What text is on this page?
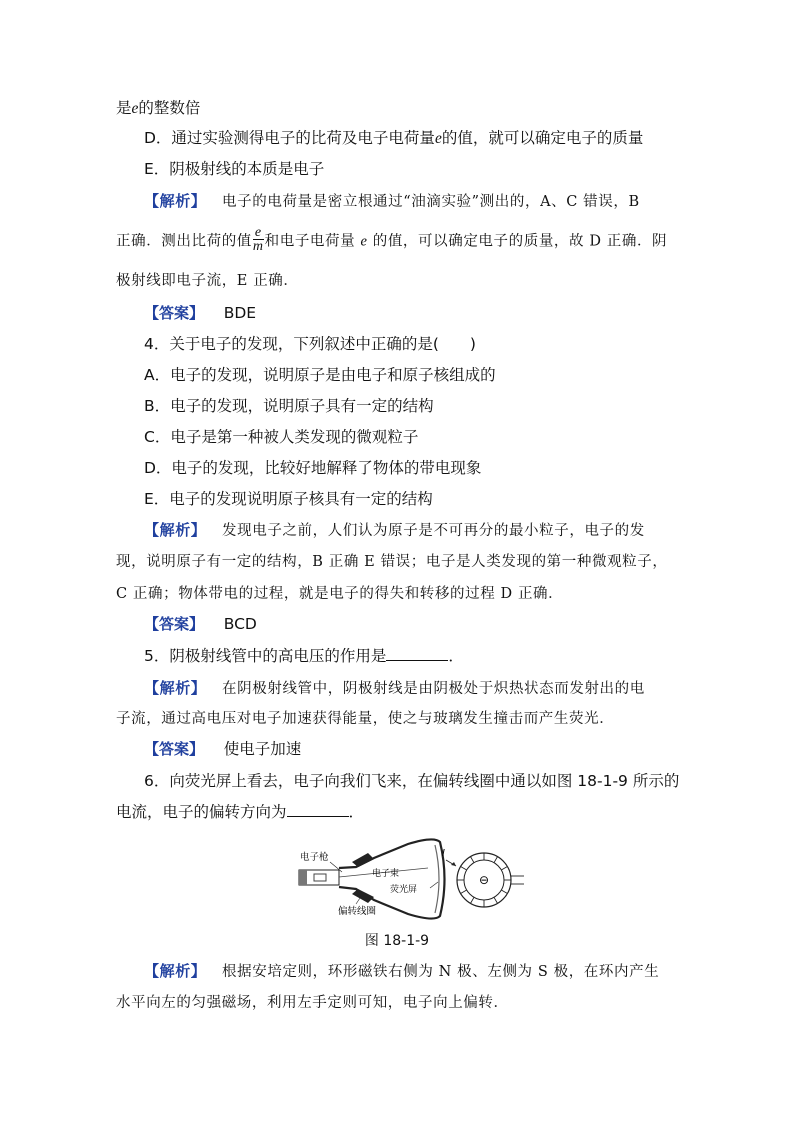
是e的整数倍
D．通过实验测得电子的比荷及电子电荷量e的值，就可以确定电子的质量
E．阴极射线的本质是电子
【解析】 电子的电荷量是密立根通过“油滴实验”测出的，A、C 错误，B
正确．测出比荷的值 $\frac{e}{m}$ 和电子电荷量 e 的值，可以确定电子的质量，故 D 正确．阴
极射线即电子流，E 正确．
【答案】 BDE
4．关于电子的发现，下列叙述中正确的是(　　)
A．电子的发现，说明原子是由电子和原子核组成的
B．电子的发现，说明原子具有一定的结构
C．电子是第一种被人类发现的微观粒子
D．电子的发现，比较好地解释了物体的带电现象
E．电子的发现说明原子核具有一定的结构
【解析】 发现电子之前，人们认为原子是不可再分的最小粒子，电子的发
现，说明原子有一定的结构，B 正确 E 错误；电子是人类发现的第一种微观粒子，
C 正确；物体带电的过程，就是电子的得失和转移的过程 D 正确．
【答案】 BCD
5．阴极射线管中的高电压的作用是	．
【解析】 在阴极射线管中，阴极射线是由阴极处于炽热状态而发射出的电
子流，通过高电压对电子加速获得能量，使之与玻璃发生撞击而产生荧光．
【答案】 使电子加速
6．向荧光屏上看去，电子向我们飞来，在偏转线圈中通以如图 18-1-9 所示的
电流，电子的偏转方向为	．
电子枪
电子束
荧光屏
偏转线圈
I
⊖
图 18-1-9
【解析】 根据安培定则，环形磁铁右侧为 N 极、左侧为 S 极，在环内产生
水平向左的匀强磁场，利用左手定则可知，电子向上偏转．
